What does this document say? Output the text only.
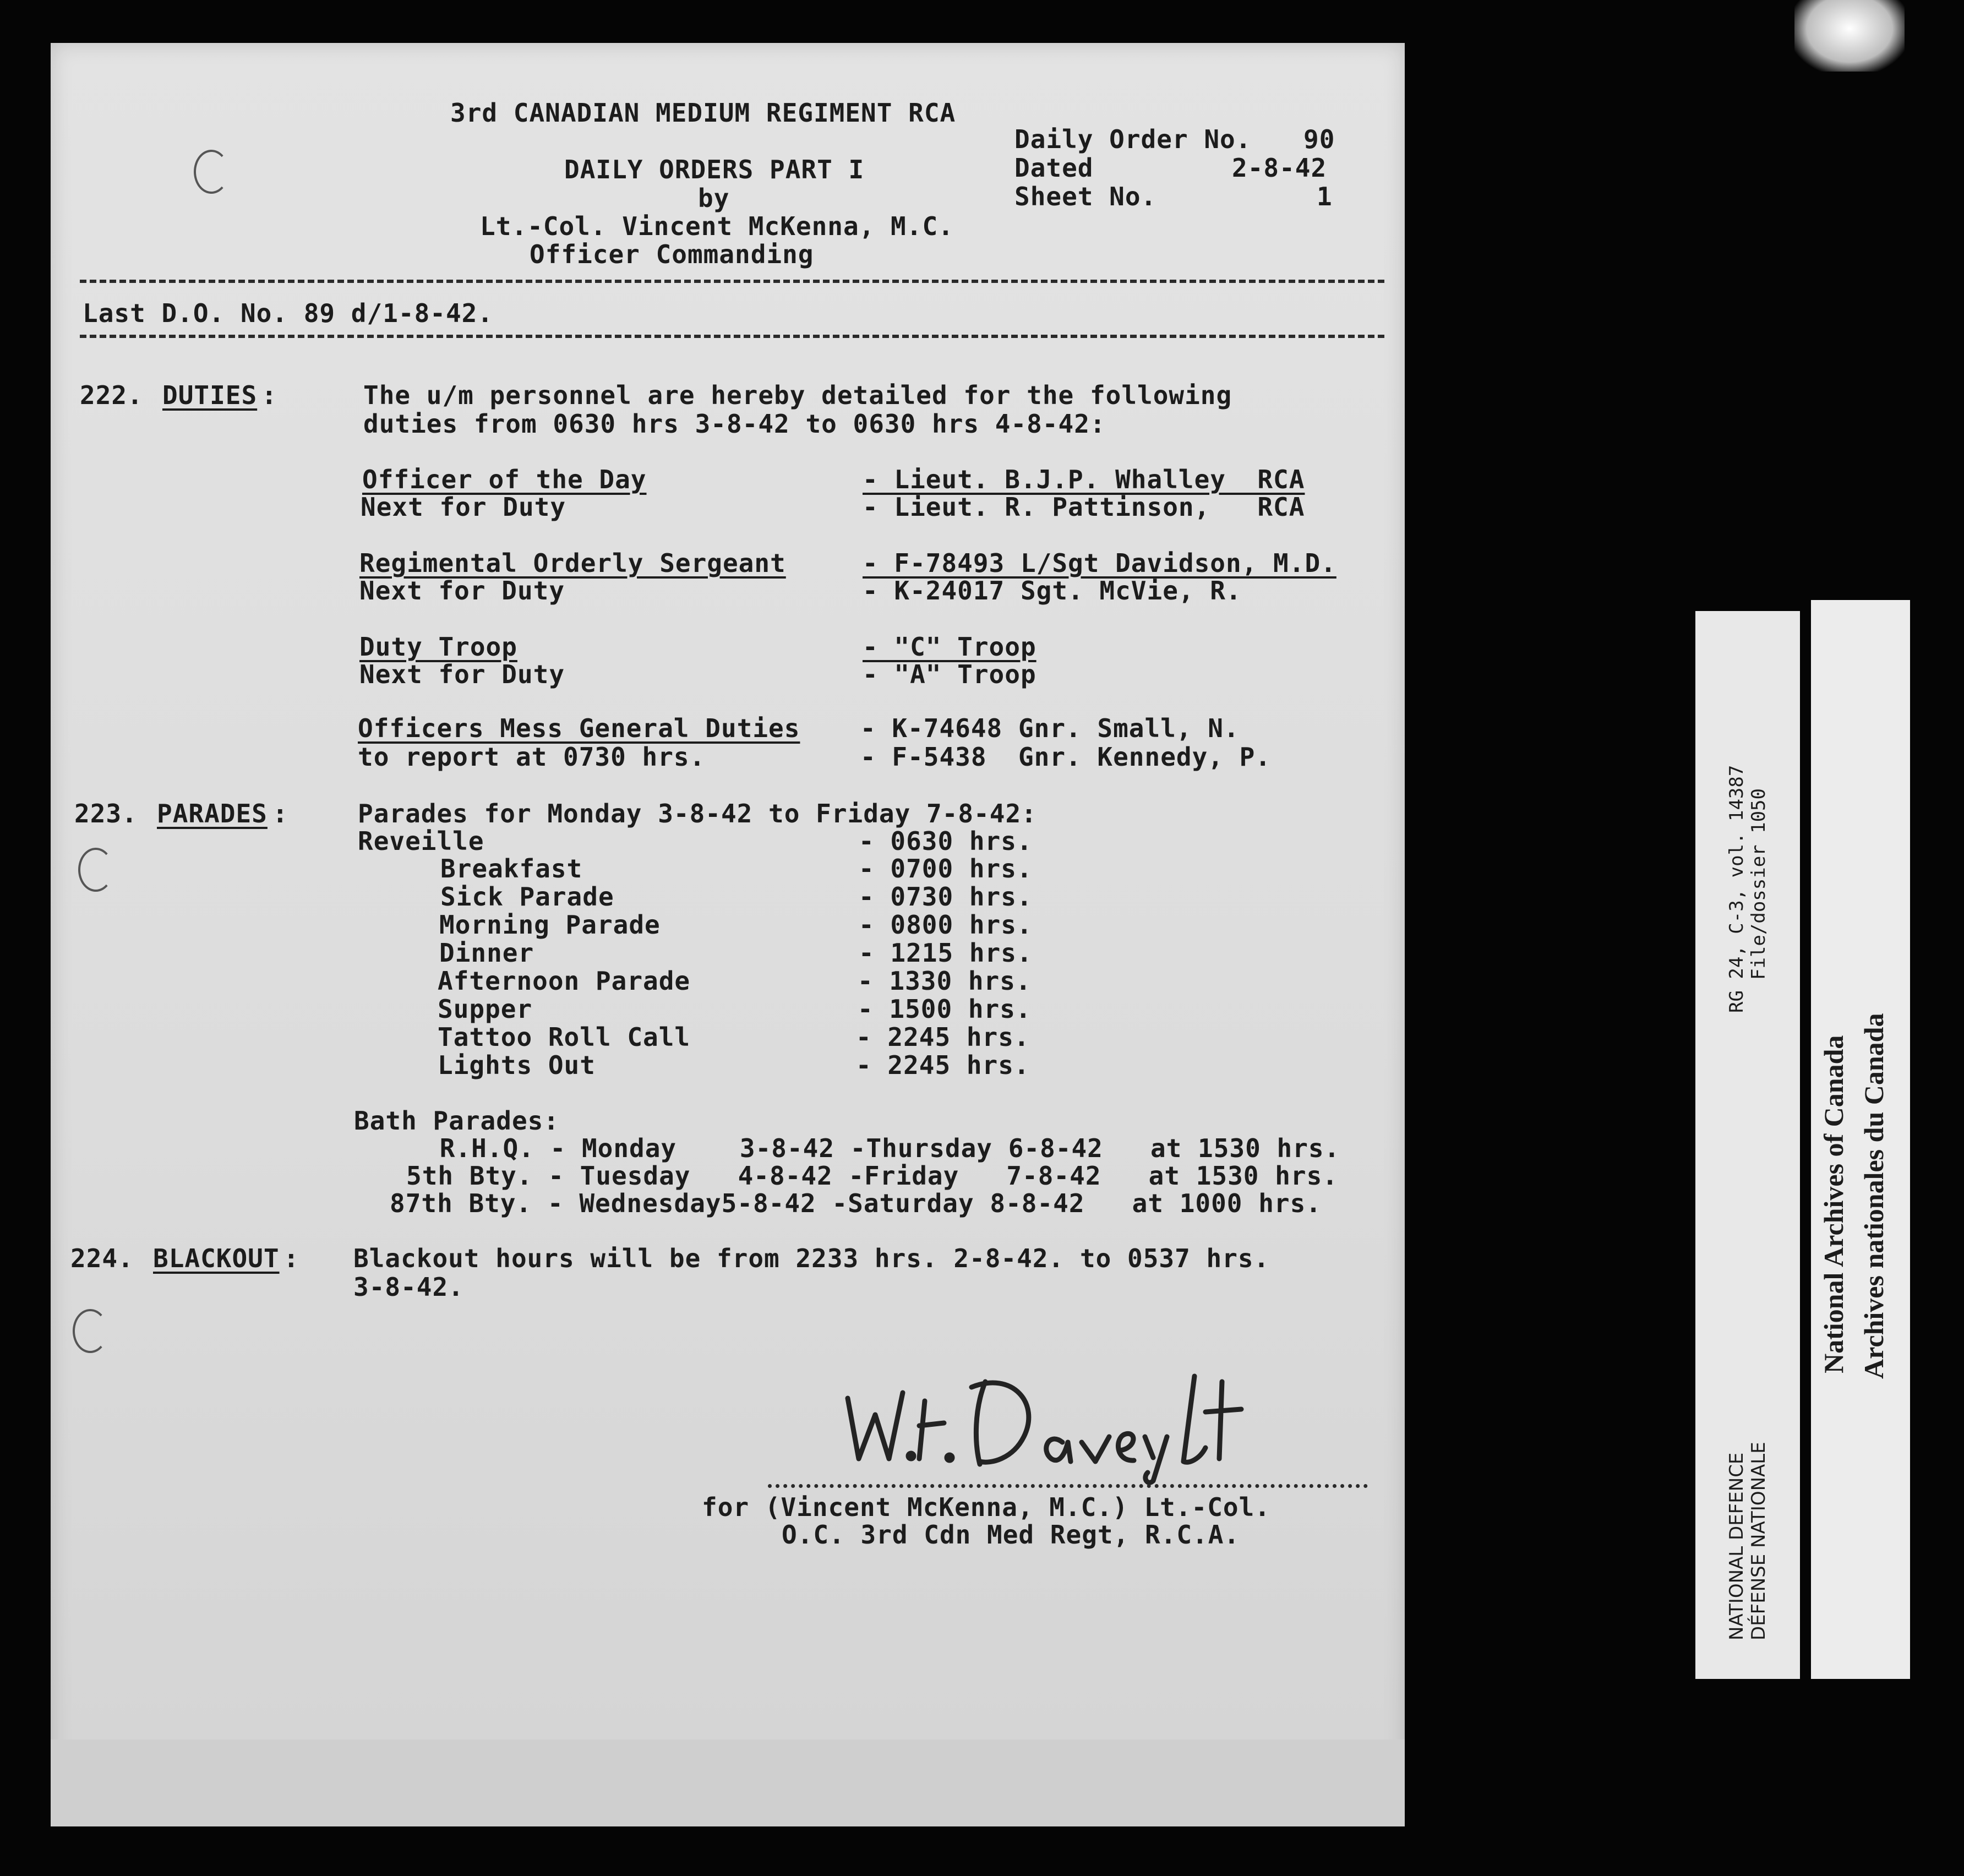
3rd CANADIAN MEDIUM REGIMENT RCA
DAILY ORDERS PART I
by
Lt.-Col. Vincent McKenna, M.C.
Officer Commanding
Daily Order No. 90
Dated	2-8-42
Sheet No.	1
Last D.O. No. 89 d/1-8-42.
222. DUTIES :	The u/m personnel are hereby detailed for the following
duties from 0630 hrs 3-8-42 to 0630 hrs 4-8-42:
Officer of the Day	- Lieut. B.J.P. Whalley  RCA
Next for Duty	- Lieut. R. Pattinson,   RCA
Regimental Orderly Sergeant	- F-78493 L/Sgt Davidson, M.D.
Next for Duty	- K-24017 Sgt. McVie, R.
Duty Troop	- "C" Troop
Next for Duty	- "A" Troop
Officers Mess General Duties - K-74648 Gnr. Small, N.
to report at 0730 hrs.	- F-5438  Gnr. Kennedy, P.
223. PARADES :	Parades for Monday 3-8-42 to Friday 7-8-42:
Reveille	- 0630 hrs.
Breakfast	- 0700 hrs.
Sick Parade	- 0730 hrs.
Morning Parade	- 0800 hrs.
Dinner	- 1215 hrs.
Afternoon Parade	- 1330 hrs.
Supper	- 1500 hrs.
Tattoo Roll Call	- 2245 hrs.
Lights Out	- 2245 hrs.
Bath Parades:
R.H.Q. - Monday    3-8-42 -Thursday 6-8-42   at 1530 hrs.
5th Bty. - Tuesday   4-8-42 -Friday   7-8-42   at 1530 hrs.
87th Bty. - Wednesday5-8-42 -Saturday 8-8-42   at 1000 hrs.
224. BLACKOUT : Blackout hours will be from 2233 hrs. 2-8-42. to 0537 hrs.
3-8-42.
for (Vincent McKenna, M.C.) Lt.-Col.
O.C. 3rd Cdn Med Regt, R.C.A.
RG 24, C-3, vol. 14387 File/dossier 1050
NATIONAL DEFENCE DÉFENSE NATIONALE
National Archives of Canada Archives nationales du Canada
